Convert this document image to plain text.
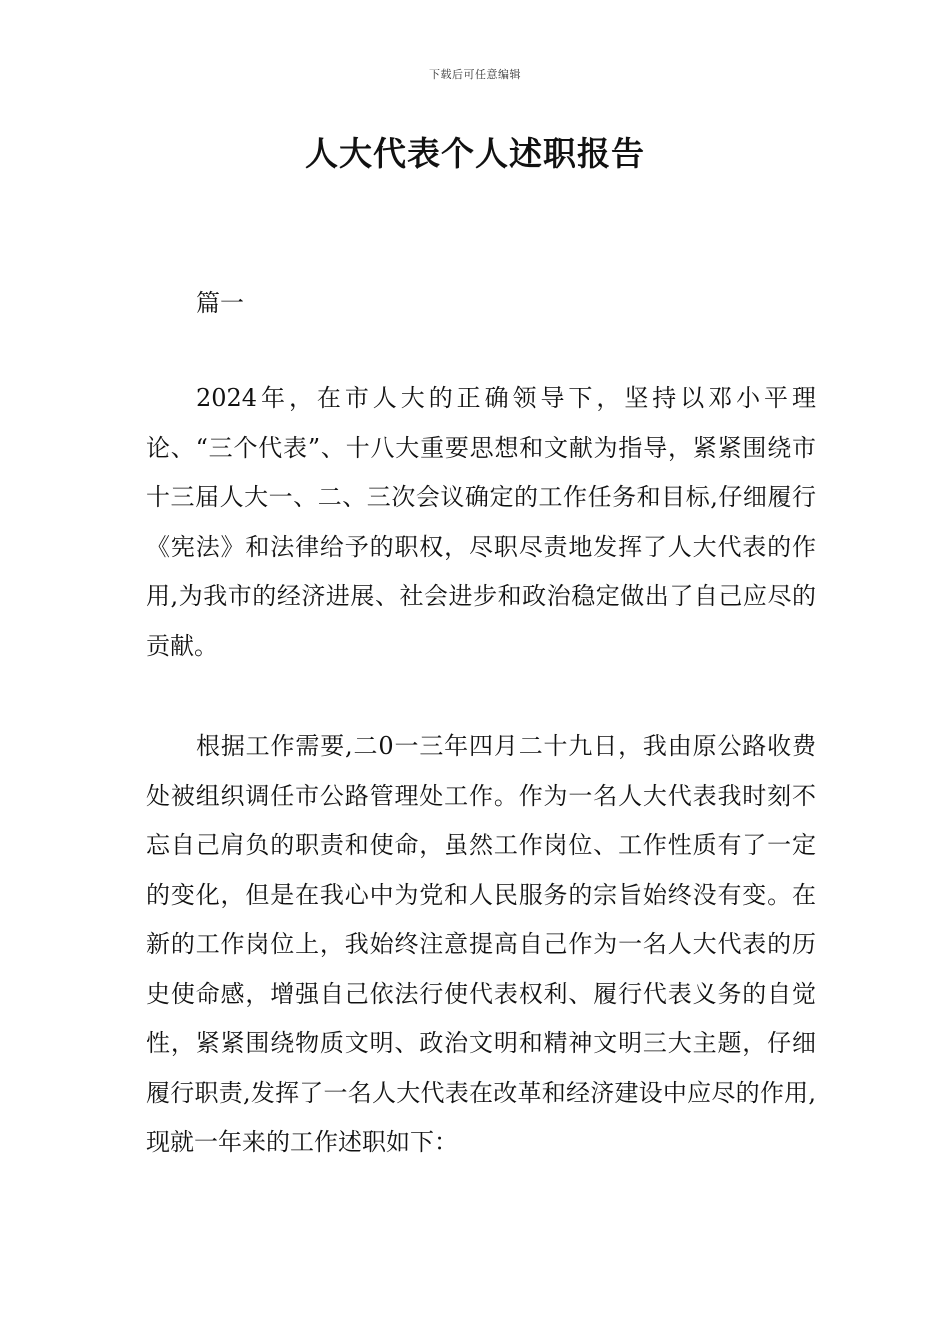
下载后可任意编辑
人大代表个人述职报告
篇一

2024年，在市人大的正确领导下，坚持以邓小平理论、“三个代表”、十八大重要思想和文献为指导，紧紧围绕市十三届人大一、二、三次会议确定的工作任务和目标,仔细履行《宪法》和法律给予的职权，尽职尽责地发挥了人大代表的作用,为我市的经济进展、社会进步和政治稳定做出了自己应尽的贡献。

根据工作需要,二0一三年四月二十九日，我由原公路收费处被组织调任市公路管理处工作。作为一名人大代表我时刻不忘自己肩负的职责和使命，虽然工作岗位、工作性质有了一定的变化，但是在我心中为党和人民服务的宗旨始终没有变。在新的工作岗位上，我始终注意提高自己作为一名人大代表的历史使命感，增强自己依法行使代表权利、履行代表义务的自觉性，紧紧围绕物质文明、政治文明和精神文明三大主题，仔细履行职责,发挥了一名人大代表在改革和经济建设中应尽的作用,现就一年来的工作述职如下：
